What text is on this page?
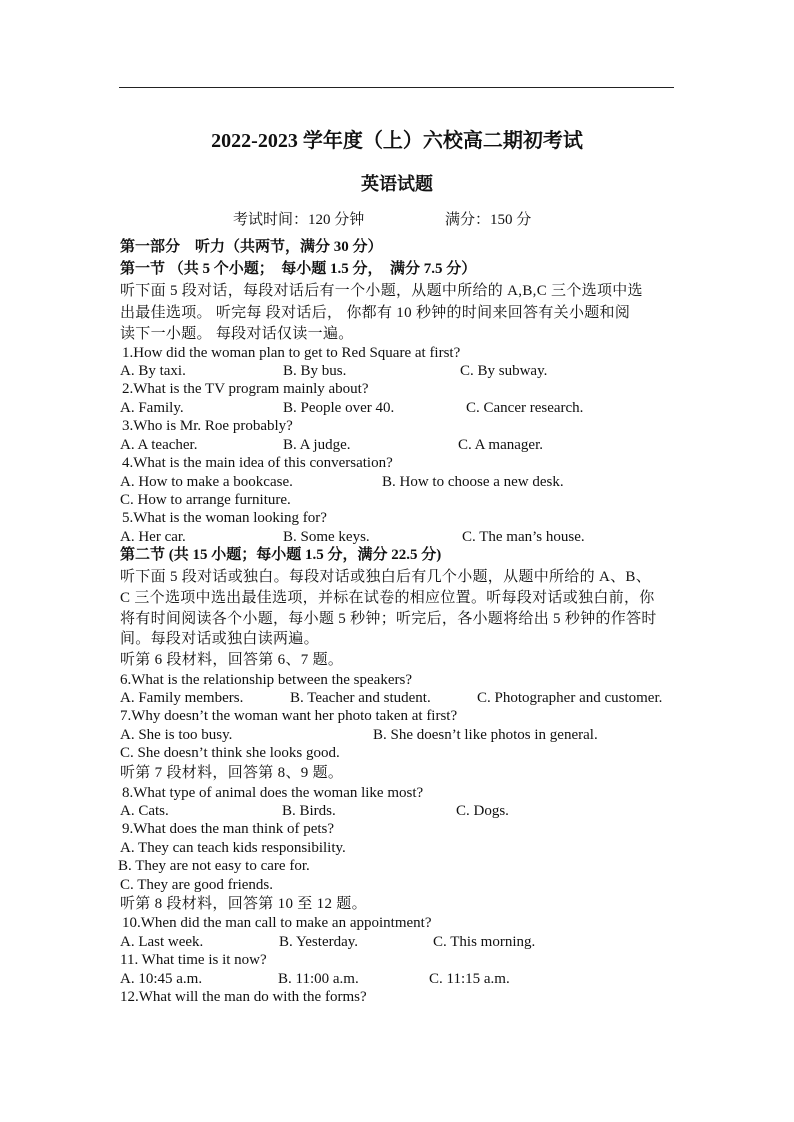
2022-2023 学年度（上）六校高二期初考试
英语试题
考试时间：120 分钟	满分：150 分
第一部分　听力（共两节，满分 30 分）
第一节 （共 5 个小题；　每小题 1.5 分，　满分 7.5 分）
听下面 5 段对话，每段对话后有一个小题，从题中所给的 A,B,C 三个选项中选
出最佳选项。 听完每 段对话后， 你都有 10 秒钟的时间来回答有关小题和阅
读下一小题。 每段对话仅读一遍。
1.How did the woman plan to get to Red Square at first?
A. By taxi.	B. By bus.	C. By subway.
2.What is the TV program mainly about?
A. Family.	B. People over 40.	C. Cancer research.
3.Who is Mr. Roe probably?
A. A teacher.	B. A judge.	C. A manager.
4.What is the main idea of this conversation?
A. How to make a bookcase.	B. How to choose a new desk.
C. How to arrange furniture.
5.What is the woman looking for?
A. Her car.	B. Some keys.	C. The man’s house.
第二节 (共 15 小题；每小题 1.5 分，满分 22.5 分)
听下面 5 段对话或独白。每段对话或独白后有几个小题，从题中所给的 A、B、
C 三个选项中选出最佳选项，并标在试卷的相应位置。听每段对话或独白前，你
将有时间阅读各个小题，每小题 5 秒钟；听完后，各小题将给出 5 秒钟的作答时
间。每段对话或独白读两遍。
听第 6 段材料，回答第 6、7 题。
6.What is the relationship between the speakers?
A. Family members.	B. Teacher and student.	C. Photographer and customer.
7.Why doesn’t the woman want her photo taken at first?
A. She is too busy.	B. She doesn’t like photos in general.
C. She doesn’t think she looks good.
听第 7 段材料，回答第 8、9 题。
8.What type of animal does the woman like most?
A. Cats.	B. Birds.	C. Dogs.
9.What does the man think of pets?
A. They can teach kids responsibility.
B. They are not easy to care for.
C. They are good friends.
听第 8 段材料，回答第 10 至 12 题。
10.When did the man call to make an appointment?
A. Last week.	B. Yesterday.	C. This morning.
11. What time is it now?
A. 10:45 a.m.	B. 11:00 a.m.	C. 11:15 a.m.
12.What will the man do with the forms?
